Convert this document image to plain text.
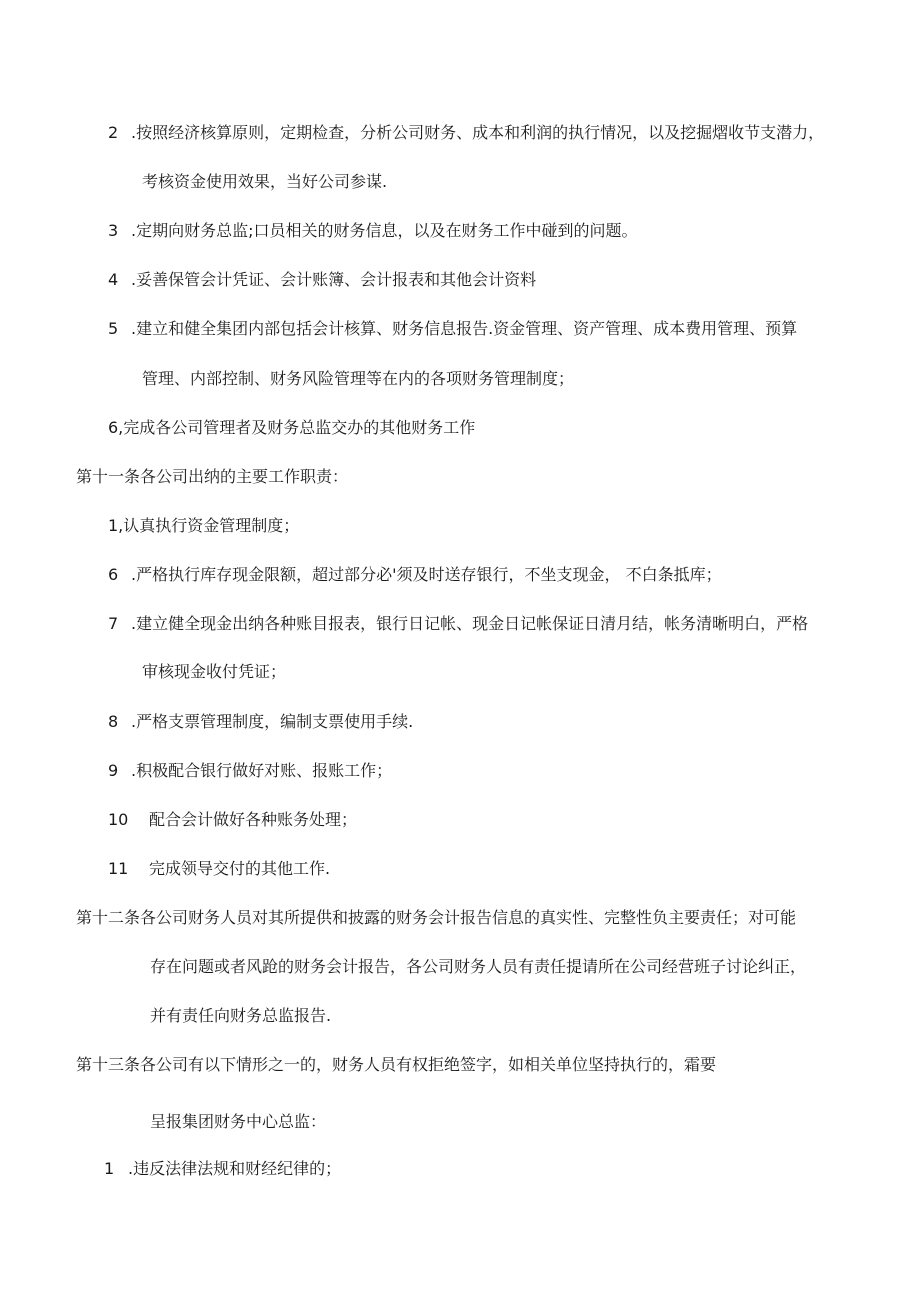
2 .按照经济核算原则，定期检查，分析公司财务、成本和利润的执行情况，以及挖掘熠收节支潜力，
考核资金使用效果，当好公司参谋.
3 .定期向财务总监;口员相关的财务信息，以及在财务工作中碰到的问题。
4 .妥善保管会计凭证、会计账簿、会计报表和其他会计资料
5 .建立和健全集团内部包括会计核算、财务信息报告.资金管理、资产管理、成本费用管理、预算
管理、内部控制、财务风险管理等在内的各项财务管理制度；
6,完成各公司管理者及财务总监交办的其他财务工作
第十一条各公司出纳的主要工作职责：
1,认真执行资金管理制度；
6 .严格执行库存现金限额，超过部分必'须及时送存银行，不坐支现金， 不白条抵库；
7 .建立健全现金出纳各种账目报表，银行日记帐、现金日记帐保证日清月结，帐务清晰明白，严格
审核现金收付凭证；
8 .严格支票管理制度，编制支票使用手续.
9 .积极配合银行做好对账、报账工作；
10 配合会计做好各种账务处理；
11 完成领导交付的其他工作.
第十二条各公司财务人员对其所提供和披露的财务会计报告信息的真实性、完整性负主要责任；对可能
存在问题或者风跄的财务会计报告，各公司财务人员有责任提请所在公司经营班子讨论纠正，
并有责任向财务总监报告.
第十三条各公司有以下情形之一的，财务人员有权拒绝签字，如相关单位坚持执行的，霜要
呈报集团财务中心总监：
1 .违反法律法规和财经纪律的；
